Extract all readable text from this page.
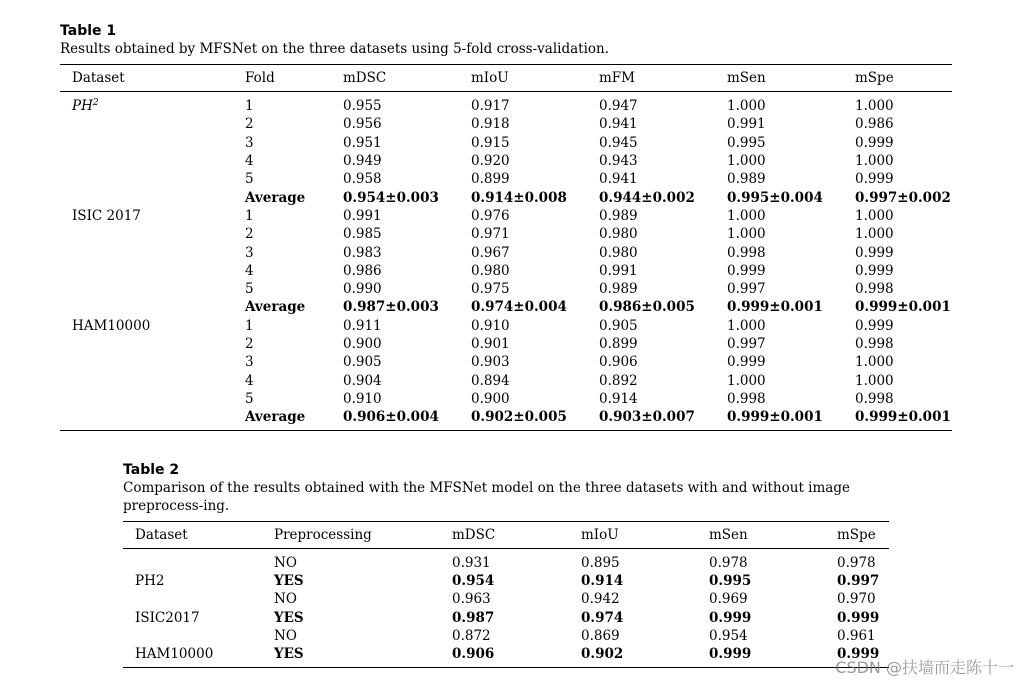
Table 1
Results obtained by MFSNet on the three datasets using 5-fold cross-validation.
Dataset	Fold	mDSC	mIoU	mFM	mSen	mSpe
$PH^2$	1	0.955	0.917	0.947	1.000	1.000
	2	0.956	0.918	0.941	0.991	0.986
	3	0.951	0.915	0.945	0.995	0.999
	4	0.949	0.920	0.943	1.000	1.000
	5	0.958	0.899	0.941	0.989	0.999
	Average	0.954±0.003	0.914±0.008	0.944±0.002	0.995±0.004	0.997±0.002
ISIC 2017	1	0.991	0.976	0.989	1.000	1.000
	2	0.985	0.971	0.980	1.000	1.000
	3	0.983	0.967	0.980	0.998	0.999
	4	0.986	0.980	0.991	0.999	0.999
	5	0.990	0.975	0.989	0.997	0.998
	Average	0.987±0.003	0.974±0.004	0.986±0.005	0.999±0.001	0.999±0.001
HAM10000	1	0.911	0.910	0.905	1.000	0.999
	2	0.900	0.901	0.899	0.997	0.998
	3	0.905	0.903	0.906	0.999	1.000
	4	0.904	0.894	0.892	1.000	1.000
	5	0.910	0.900	0.914	0.998	0.998
	Average	0.906±0.004	0.902±0.005	0.903±0.007	0.999±0.001	0.999±0.001
Table 2
Comparison of the results obtained with the MFSNet model on the three datasets with and without image preprocess-ing.
Dataset	Preprocessing	mDSC	mIoU	mSen	mSpe
	NO	0.931	0.895	0.978	0.978
PH2	YES	0.954	0.914	0.995	0.997
	NO	0.963	0.942	0.969	0.970
ISIC2017	YES	0.987	0.974	0.999	0.999
	NO	0.872	0.869	0.954	0.961
HAM10000	YES	0.906	0.902	0.999	0.999
CSDN @扶墙而走陈十一
